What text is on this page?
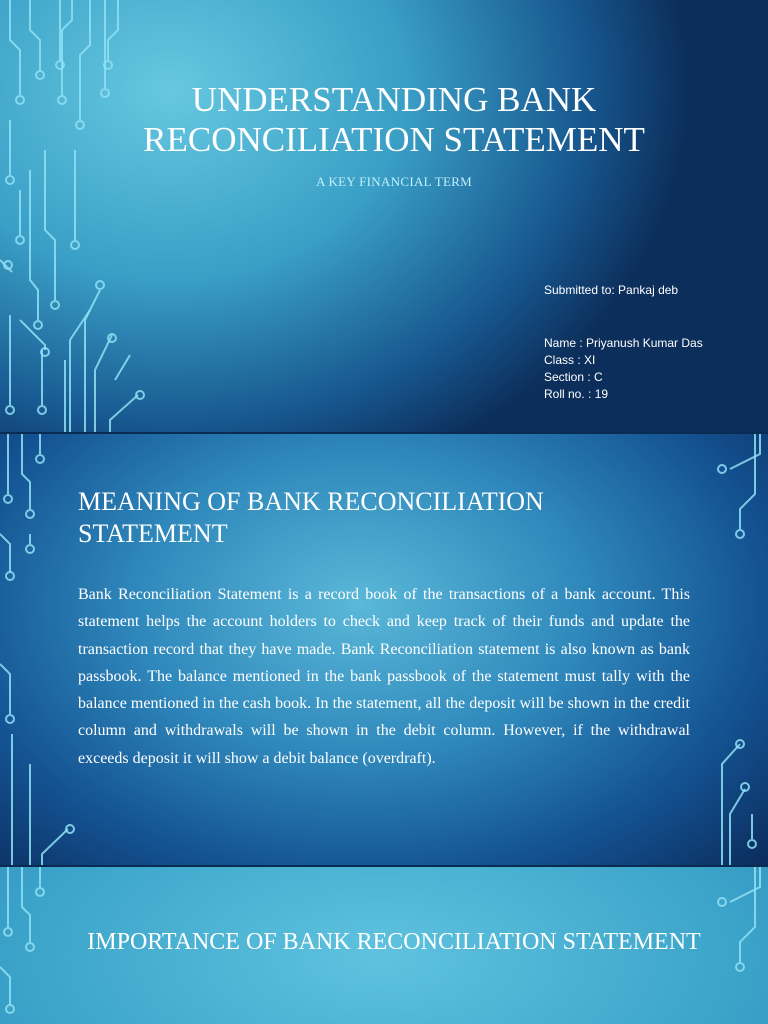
UNDERSTANDING BANK RECONCILIATION STATEMENT
A KEY FINANCIAL TERM
Submitted to: Pankaj deb
Name : Priyanush Kumar Das
Class : XI
Section : C
Roll no. : 19
MEANING OF BANK RECONCILIATION STATEMENT

Bank Reconciliation Statement is a record book of the transactions of a bank account. This statement helps the account holders to check and keep track of their funds and update the transaction record that they have made. Bank Reconciliation statement is also known as bank passbook. The balance mentioned in the bank passbook of the statement must tally with the balance mentioned in the cash book. In the statement, all the deposit will be shown in the credit column and withdrawals will be shown in the debit column. However, if the withdrawal exceeds deposit it will show a debit balance (overdraft).

IMPORTANCE OF BANK RECONCILIATION STATEMENT
